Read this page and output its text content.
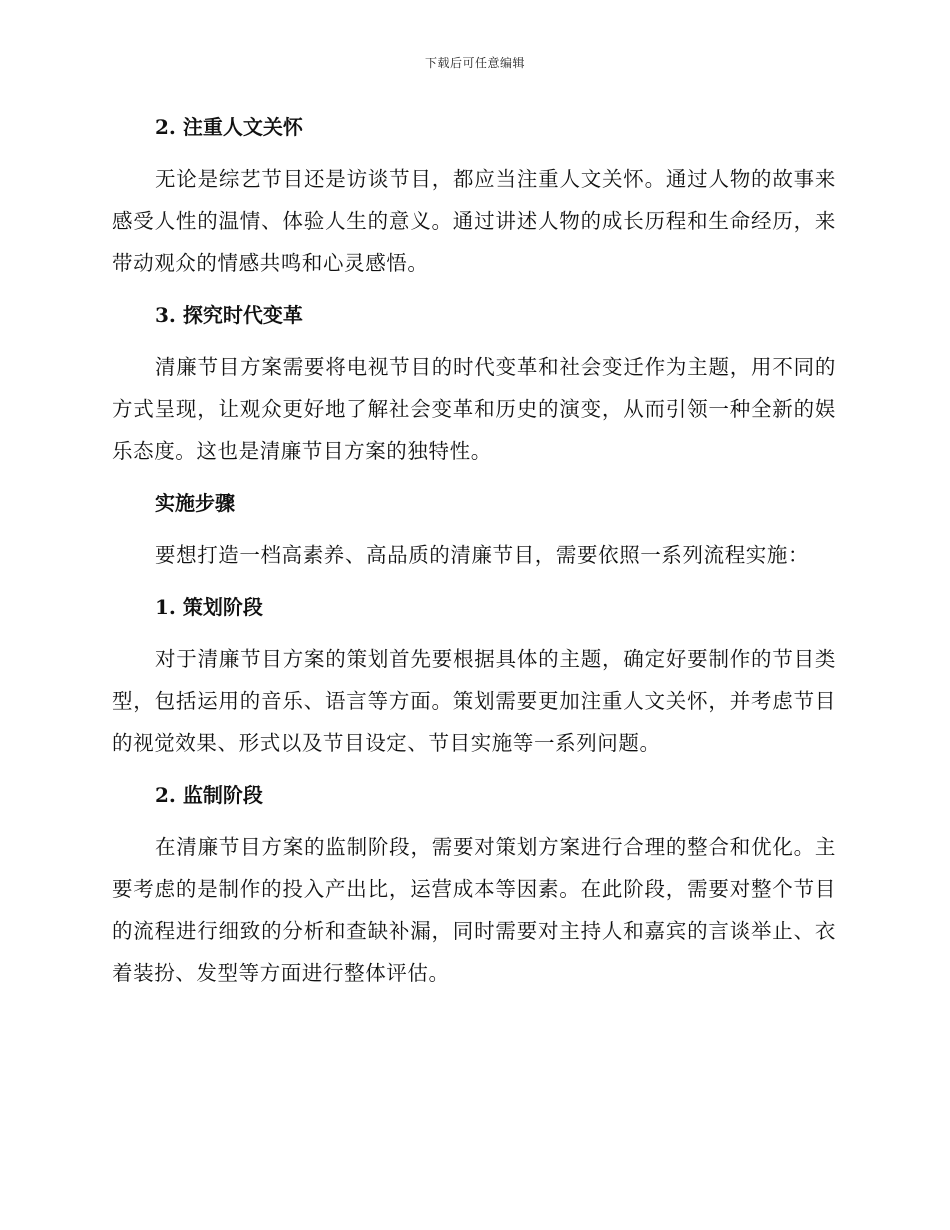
下载后可任意编辑
2. 注重人文关怀

无论是综艺节目还是访谈节目，都应当注重人文关怀。通过人物的故事来感受人性的温情、体验人生的意义。通过讲述人物的成长历程和生命经历，来带动观众的情感共鸣和心灵感悟。

3. 探究时代变革

清廉节目方案需要将电视节目的时代变革和社会变迁作为主题，用不同的方式呈现，让观众更好地了解社会变革和历史的演变，从而引领一种全新的娱乐态度。这也是清廉节目方案的独特性。

实施步骤

要想打造一档高素养、高品质的清廉节目，需要依照一系列流程实施：

1. 策划阶段

对于清廉节目方案的策划首先要根据具体的主题，确定好要制作的节目类型，包括运用的音乐、语言等方面。策划需要更加注重人文关怀，并考虑节目的视觉效果、形式以及节目设定、节目实施等一系列问题。

2. 监制阶段

在清廉节目方案的监制阶段，需要对策划方案进行合理的整合和优化。主要考虑的是制作的投入产出比，运营成本等因素。在此阶段，需要对整个节目的流程进行细致的分析和查缺补漏，同时需要对主持人和嘉宾的言谈举止、衣着装扮、发型等方面进行整体评估。
